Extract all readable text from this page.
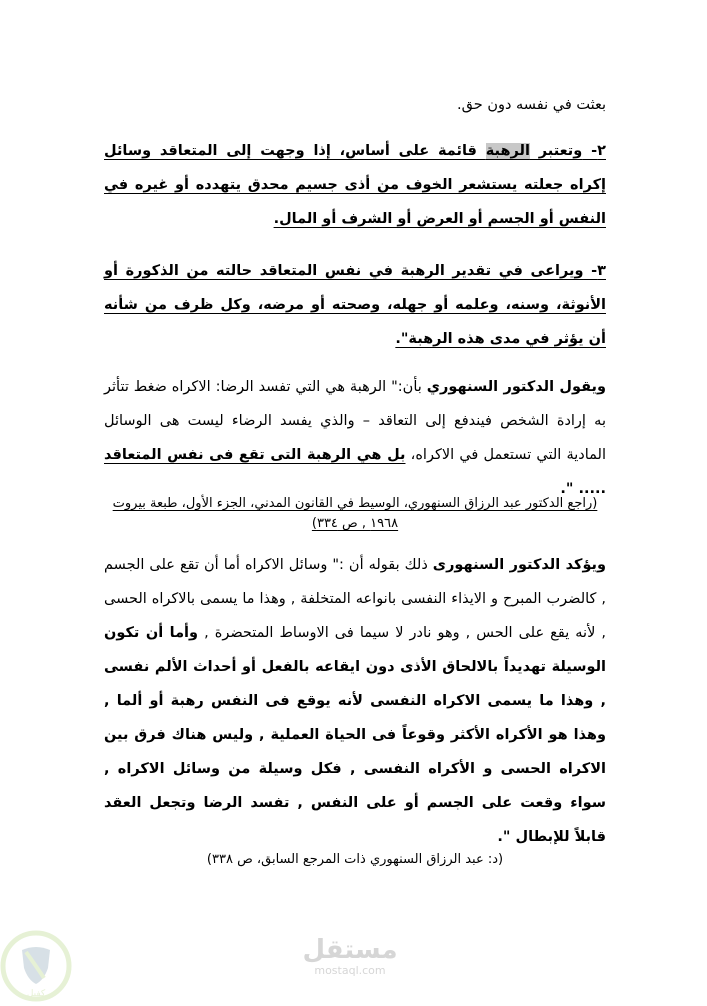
بعثت في نفسه دون حق.

٢- وتعتبر الرهبة قائمة على أساس، إذا وجهت إلى المتعاقد وسائل إكراه جعلته يستشعر الخوف من أذى جسيم محدق يتهدده أو غيره في النفس أو الجسم أو العرض أو الشرف أو المال.

٣- ويراعى في تقدير الرهبة في نفس المتعاقد حالته من الذكورة أو الأنوثة، وسنه، وعلمه أو جهله، وصحته أو مرضه، وكل ظرف من شأنه أن يؤثر في مدى هذه الرهبة".

ويقول الدكتور السنهوري بأن:" الرهبة هي التي تفسد الرضا: الاكراه ضغط تتأثر به إرادة الشخص فيندفع إلى التعاقد – والذي يفسد الرضاء ليست هى الوسائل المادية التي تستعمل في الاكراه، بل هي الرهبة التى تقع فى نفس المتعاقد ..... ".

(راجع الدكتور عبد الرزاق السنهوري، الوسيط في القانون المدني، الجزء الأول، طبعة بيروت ١٩٦٨ , ص ٣٣٤)

ويؤكد الدكتور السنهورى ذلك بقوله أن :" وسائل الاكراه أما أن تقع على الجسم , كالضرب المبرح و الايذاء النفسى بانواعه المتخلفة , وهذا ما يسمى بالاكراه الحسى , لأنه يقع على الحس , وهو نادر لا سيما فى الاوساط المتحضرة , وأما أن تكون الوسيلة تهديداً بالالحاق الأذى دون ايقاعه بالفعل أو أحداث الألم نفسى , وهذا ما يسمى الاكراه النفسى لأنه يوقع فى النفس رهبة أو ألما , وهذا هو الأكراه الأكثر وقوعاً فى الحياة العملية , وليس هناك فرق بين الاكراه الحسى و الأكراه النفسى , فكل وسيلة من وسائل الاكراه , سواء وقعت على الجسم أو على النفس , تفسد الرضا وتجعل العقد قابلاً للإبطال ".

(د: عبد الرزاق السنهوري ذات المرجع السابق، ص ٣٣٨)
كفيل
مستقل
mostaql.com
